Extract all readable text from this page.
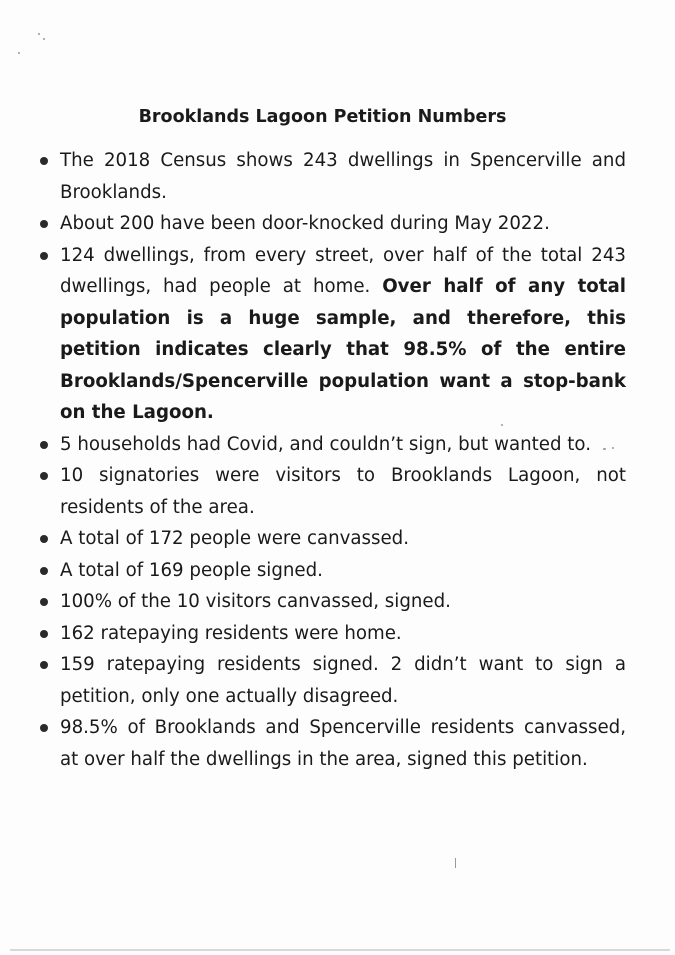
Brooklands Lagoon Petition Numbers
The 2018 Census shows 243 dwellings in Spencerville and Brooklands.
About 200 have been door-knocked during May 2022.
124 dwellings, from every street, over half of the total 243 dwellings, had people at home. Over half of any total population is a huge sample, and therefore, this petition indicates clearly that 98.5% of the entire Brooklands/Spencerville population want a stop-bank on the Lagoon.
5 households had Covid, and couldn’t sign, but wanted to.
10 signatories were visitors to Brooklands Lagoon, not residents of the area.
A total of 172 people were canvassed.
A total of 169 people signed.
100% of the 10 visitors canvassed, signed.
162 ratepaying residents were home.
159 ratepaying residents signed. 2 didn’t want to sign a petition, only one actually disagreed.
98.5% of Brooklands and Spencerville residents canvassed, at over half the dwellings in the area, signed this petition.
